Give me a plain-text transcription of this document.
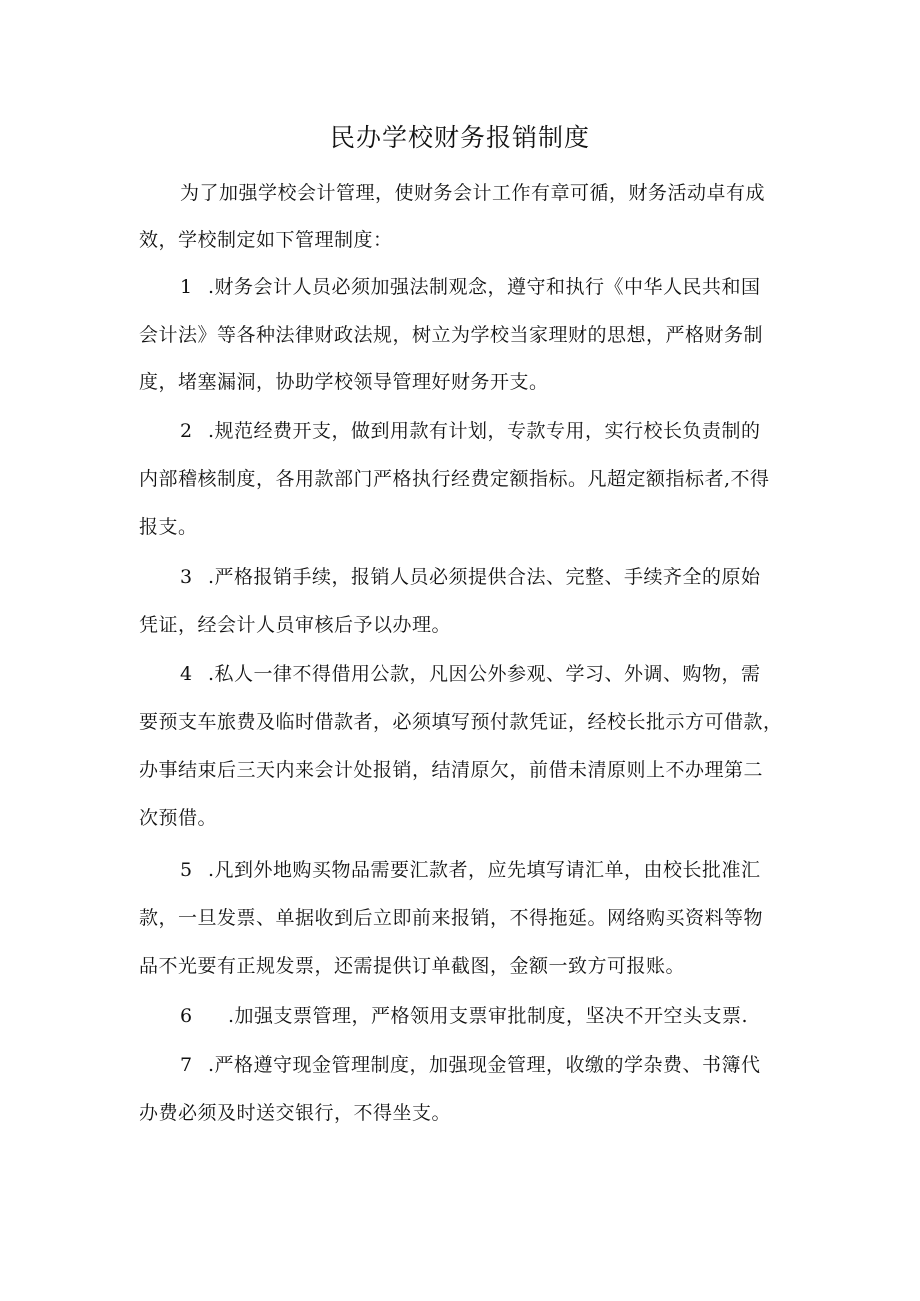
民办学校财务报销制度
为了加强学校会计管理，使财务会计工作有章可循，财务活动卓有成
效，学校制定如下管理制度：
1 .财务会计人员必须加强法制观念，遵守和执行《中华人民共和国
会计法》等各种法律财政法规，树立为学校当家理财的思想，严格财务制
度，堵塞漏洞，协助学校领导管理好财务开支。
2 .规范经费开支，做到用款有计划，专款专用，实行校长负责制的
内部稽核制度，各用款部门严格执行经费定额指标。凡超定额指标者,不得
报支。
3 .严格报销手续，报销人员必须提供合法、完整、手续齐全的原始
凭证，经会计人员审核后予以办理。
4 .私人一律不得借用公款，凡因公外参观、学习、外调、购物，需
要预支车旅费及临时借款者，必须填写预付款凭证，经校长批示方可借款，
办事结束后三天内来会计处报销，结清原欠，前借未清原则上不办理第二
次预借。
5 .凡到外地购买物品需要汇款者，应先填写请汇单，由校长批准汇
款，一旦发票、单据收到后立即前来报销，不得拖延。网络购买资料等物
品不光要有正规发票，还需提供订单截图，金额一致方可报账。
6 .加强支票管理，严格领用支票审批制度，坚决不开空头支票.
7 .严格遵守现金管理制度，加强现金管理，收缴的学杂费、书簿代
办费必须及时送交银行，不得坐支。
